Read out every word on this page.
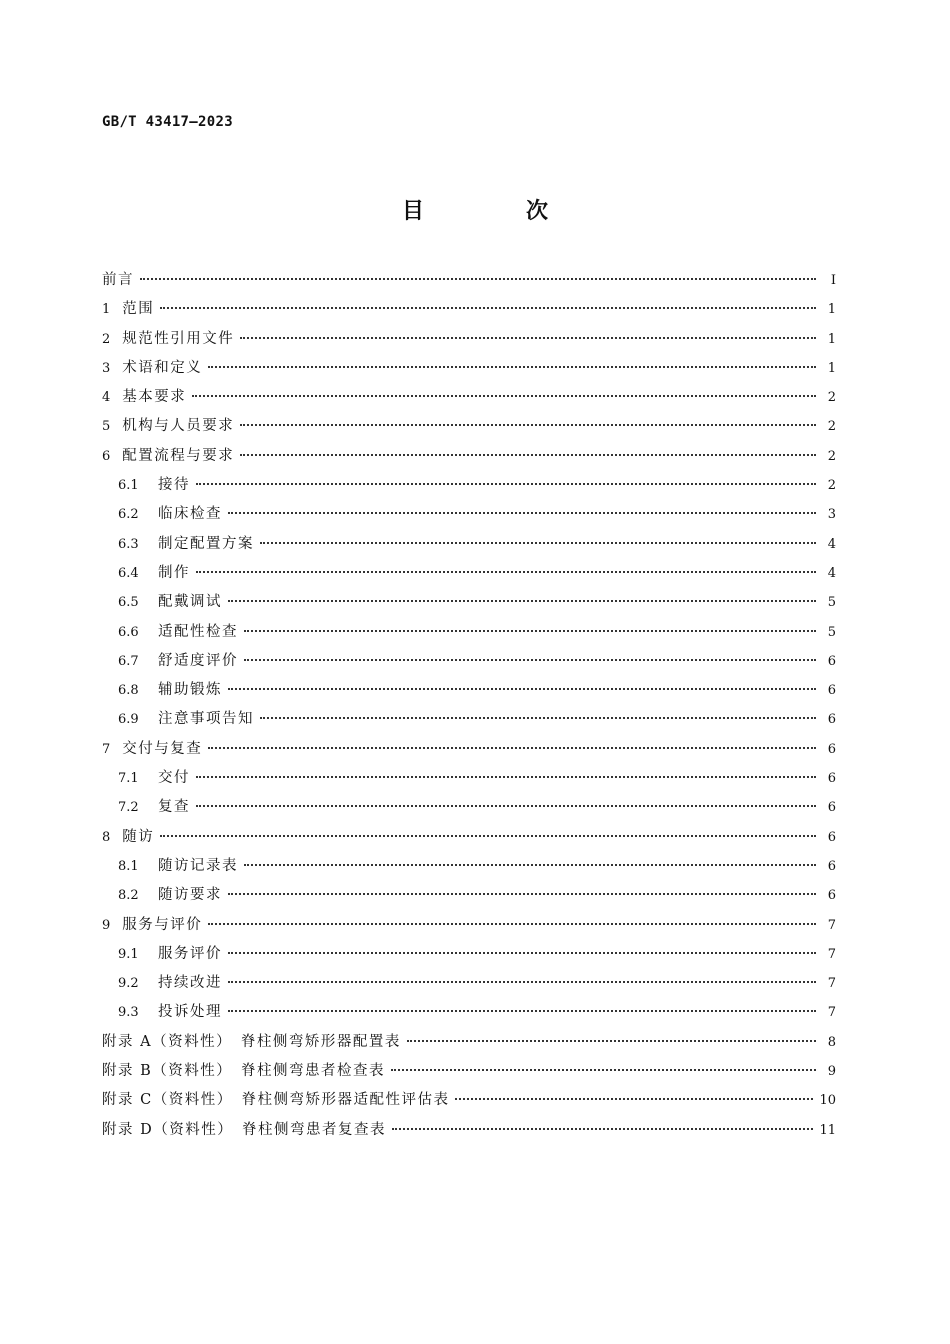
GB/T 43417—2023
目　次
前言	Ⅰ
1 范围	1
2 规范性引用文件	1
3 术语和定义	1
4 基本要求	2
5 机构与人员要求	2
6 配置流程与要求	2
6.1	接待	2
6.2	临床检查	3
6.3	制定配置方案	4
6.4	制作	4
6.5	配戴调试	5
6.6	适配性检查	5
6.7	舒适度评价	6
6.8	辅助锻炼	6
6.9	注意事项告知	6
7 交付与复查	6
7.1	交付	6
7.2	复查	6
8 随访	6
8.1	随访记录表	6
8.2	随访要求	6
9 服务与评价	7
9.1	服务评价	7
9.2	持续改进	7
9.3	投诉处理	7
附录 A（资料性）　脊柱侧弯矫形器配置表	8
附录 B（资料性）　脊柱侧弯患者检查表	9
附录 C（资料性）　脊柱侧弯矫形器适配性评估表	10
附录 D（资料性）　脊柱侧弯患者复查表	11
